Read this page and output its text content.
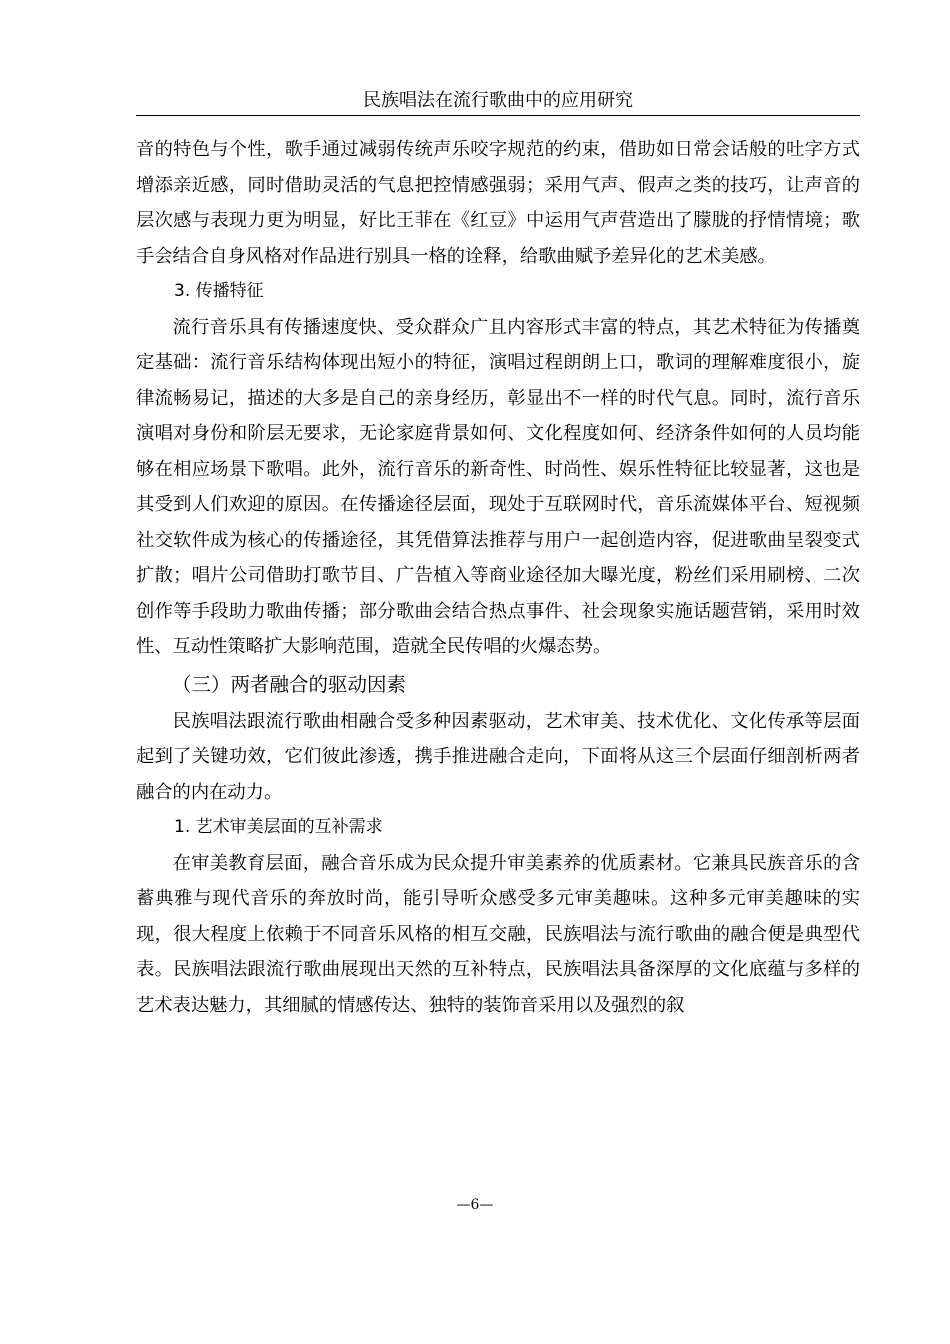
民族唱法在流行歌曲中的应用研究

音的特色与个性，歌手通过减弱传统声乐咬字规范的约束，借助如日常会话般的吐字方式增添亲近感，同时借助灵活的气息把控情感强弱；采用气声、假声之类的技巧，让声音的层次感与表现力更为明显，好比王菲在《红豆》中运用气声营造出了朦胧的抒情情境；歌手会结合自身风格对作品进行别具一格的诠释，给歌曲赋予差异化的艺术美感。

3. 传播特征

流行音乐具有传播速度快、受众群众广且内容形式丰富的特点，其艺术特征为传播奠定基础：流行音乐结构体现出短小的特征，演唱过程朗朗上口，歌词的理解难度很小，旋律流畅易记，描述的大多是自己的亲身经历，彰显出不一样的时代气息。同时，流行音乐演唱对身份和阶层无要求，无论家庭背景如何、文化程度如何、经济条件如何的人员均能够在相应场景下歌唱。此外，流行音乐的新奇性、时尚性、娱乐性特征比较显著，这也是其受到人们欢迎的原因。在传播途径层面，现处于互联网时代，音乐流媒体平台、短视频社交软件成为核心的传播途径，其凭借算法推荐与用户一起创造内容，促进歌曲呈裂变式扩散；唱片公司借助打歌节目、广告植入等商业途径加大曝光度，粉丝们采用刷榜、二次创作等手段助力歌曲传播；部分歌曲会结合热点事件、社会现象实施话题营销，采用时效性、互动性策略扩大影响范围，造就全民传唱的火爆态势。

（三）两者融合的驱动因素

民族唱法跟流行歌曲相融合受多种因素驱动，艺术审美、技术优化、文化传承等层面起到了关键功效，它们彼此渗透，携手推进融合走向，下面将从这三个层面仔细剖析两者融合的内在动力。

1. 艺术审美层面的互补需求

在审美教育层面，融合音乐成为民众提升审美素养的优质素材。它兼具民族音乐的含蓄典雅与现代音乐的奔放时尚，能引导听众感受多元审美趣味。这种多元审美趣味的实现，很大程度上依赖于不同音乐风格的相互交融，民族唱法与流行歌曲的融合便是典型代表。民族唱法跟流行歌曲展现出天然的互补特点，民族唱法具备深厚的文化底蕴与多样的艺术表达魅力，其细腻的情感传达、独特的装饰音采用以及强烈的叙

—6—
